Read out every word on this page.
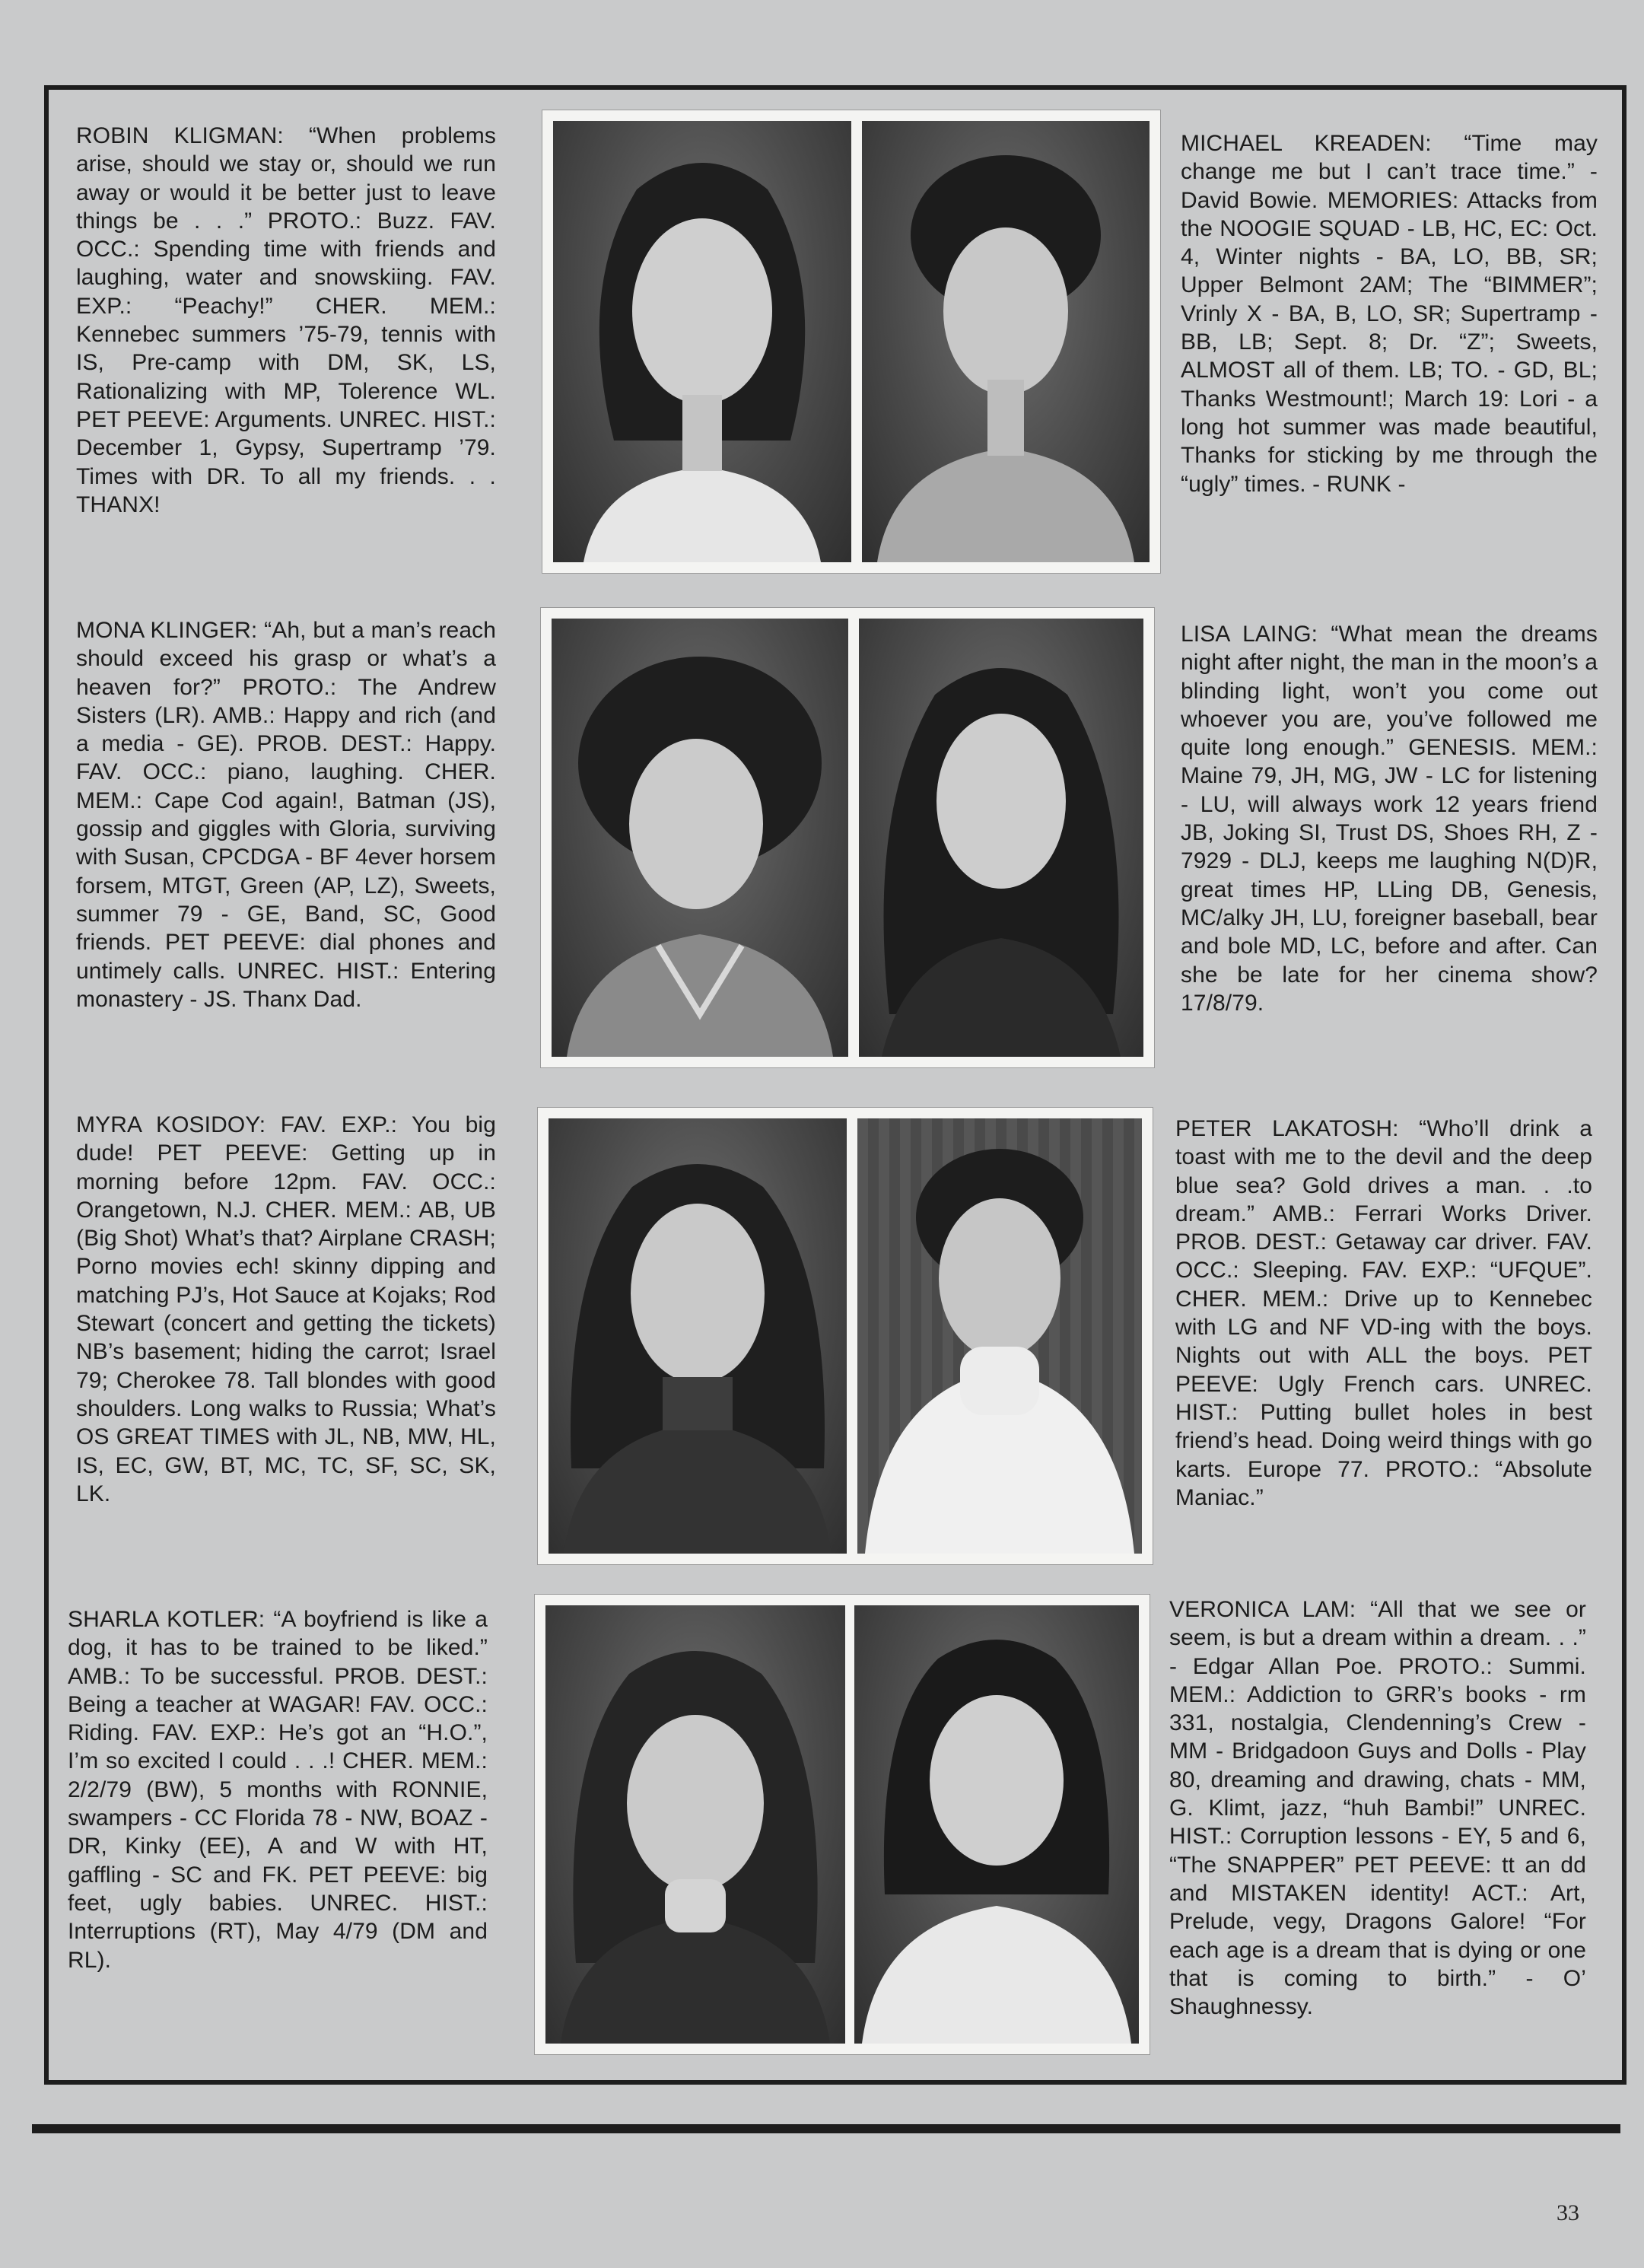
ROBIN KLIGMAN: “When problems arise, should we stay or, should we run away or would it be better just to leave things be . . .” PROTO.: Buzz. FAV. OCC.: Spending time with friends and laughing, water and snowskiing. FAV. EXP.: “Peachy!” CHER. MEM.: Kennebec summers ’75-79, tennis with IS, Pre-camp with DM, SK, LS, Rationalizing with MP, Tolerence WL. PET PEEVE: Arguments. UNREC. HIST.: December 1, Gypsy, Supertramp ’79. Times with DR. To all my friends. . . THANX!
MICHAEL KREADEN: “Time may change me but I can’t trace time.” - David Bowie. MEMORIES: Attacks from the NOOGIE SQUAD - LB, HC, EC: Oct. 4, Winter nights - BA, LO, BB, SR; Upper Belmont 2AM; The “BIMMER”; Vrinly X - BA, B, LO, SR; Supertramp - BB, LB; Sept. 8; Dr. “Z”; Sweets, ALMOST all of them. LB; TO. - GD, BL; Thanks Westmount!; March 19: Lori - a long hot summer was made beautiful, Thanks for sticking by me through the “ugly” times. - RUNK -
MONA KLINGER: “Ah, but a man’s reach should exceed his grasp or what’s a heaven for?” PROTO.: The Andrew Sisters (LR). AMB.: Happy and rich (and a media - GE). PROB. DEST.: Happy. FAV. OCC.: piano, laughing. CHER. MEM.: Cape Cod again!, Batman (JS), gossip and giggles with Gloria, surviving with Susan, CPCDGA - BF 4ever horsem forsem, MTGT, Green (AP, LZ), Sweets, summer 79 - GE, Band, SC, Good friends. PET PEEVE: dial phones and untimely calls. UNREC. HIST.: Entering monastery - JS. Thanx Dad.
LISA LAING: “What mean the dreams night after night, the man in the moon’s a blinding light, won’t you come out whoever you are, you’ve followed me quite long enough.” GENESIS. MEM.: Maine 79, JH, MG, JW - LC for listening - LU, will always work 12 years friend JB, Joking SI, Trust DS, Shoes RH, Z - 7929 - DLJ, keeps me laughing N(D)R, great times HP, LLing DB, Genesis, MC/alky JH, LU, foreigner baseball, bear and bole MD, LC, before and after. Can she be late for her cinema show? 17/8/79.
MYRA KOSIDOY: FAV. EXP.: You big dude! PET PEEVE: Getting up in morning before 12pm. FAV. OCC.: Orangetown, N.J. CHER. MEM.: AB, UB (Big Shot) What’s that? Airplane CRASH; Porno movies ech! skinny dipping and matching PJ’s, Hot Sauce at Kojaks; Rod Stewart (concert and getting the tickets) NB’s basement; hiding the carrot; Israel 79; Cherokee 78. Tall blondes with good shoulders. Long walks to Russia; What’s OS GREAT TIMES with JL, NB, MW, HL, IS, EC, GW, BT, MC, TC, SF, SC, SK, LK.
PETER LAKATOSH: “Who’ll drink a toast with me to the devil and the deep blue sea? Gold drives a man. . .to dream.” AMB.: Ferrari Works Driver. PROB. DEST.: Getaway car driver. FAV. OCC.: Sleeping. FAV. EXP.: “UFQUE”. CHER. MEM.: Drive up to Kennebec with LG and NF VD-ing with the boys. Nights out with ALL the boys. PET PEEVE: Ugly French cars. UNREC. HIST.: Putting bullet holes in best friend’s head. Doing weird things with go karts. Europe 77. PROTO.: “Absolute Maniac.”
SHARLA KOTLER: “A boyfriend is like a dog, it has to be trained to be liked.” AMB.: To be successful. PROB. DEST.: Being a teacher at WAGAR! FAV. OCC.: Riding. FAV. EXP.: He’s got an “H.O.”, I’m so excited I could . . .! CHER. MEM.: 2/2/79 (BW), 5 months with RONNIE, swampers - CC Florida 78 - NW, BOAZ - DR, Kinky (EE), A and W with HT, gaffling - SC and FK. PET PEEVE: big feet, ugly babies. UNREC. HIST.: Interruptions (RT), May 4/79 (DM and RL).
VERONICA LAM: “All that we see or seem, is but a dream within a dream. . .” - Edgar Allan Poe. PROTO.: Summi. MEM.: Addiction to GRR’s books - rm 331, nostalgia, Clendenning’s Crew - MM - Bridgadoon Guys and Dolls - Play 80, dreaming and drawing, chats - MM, G. Klimt, jazz, “huh Bambi!” UNREC. HIST.: Corruption lessons - EY, 5 and 6, “The SNAPPER” PET PEEVE: tt an dd and MISTAKEN identity! ACT.: Art, Prelude, vegy, Dragons Galore! “For each age is a dream that is dying or one that is coming to birth.” - O’ Shaughnessy.
33
